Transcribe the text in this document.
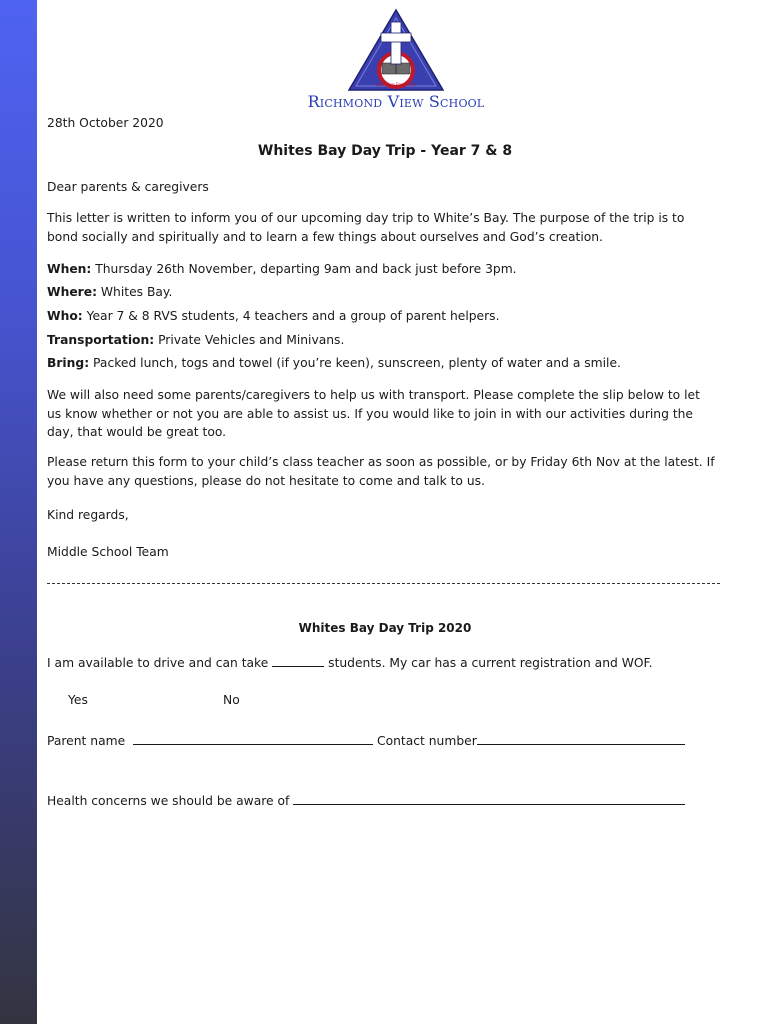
Standing For Christ
Richmond View School
28th October 2020
Whites Bay Day Trip - Year 7 & 8
Dear parents & caregivers
This letter is written to inform you of our upcoming day trip to White’s Bay. The purpose of the trip is to
bond socially and spiritually and to learn a few things about ourselves and God’s creation.
When: Thursday 26th November, departing 9am and back just before 3pm.
Where: Whites Bay.
Who: Year 7 & 8 RVS students, 4 teachers and a group of parent helpers.
Transportation: Private Vehicles and Minivans.
Bring: Packed lunch, togs and towel (if you’re keen), sunscreen, plenty of water and a smile.
We will also need some parents/caregivers to help us with transport. Please complete the slip below to let
us know whether or not you are able to assist us. If you would like to join in with our activities during the
day, that would be great too.
Please return this form to your child’s class teacher as soon as possible, or by Friday 6th Nov at the latest. If
you have any questions, please do not hesitate to come and talk to us.
Kind regards,
Middle School Team
Whites Bay Day Trip 2020
I am available to drive and can take	students. My car has a current registration and WOF.
Yes	No
Parent name	Contact number
Health concerns we should be aware of
